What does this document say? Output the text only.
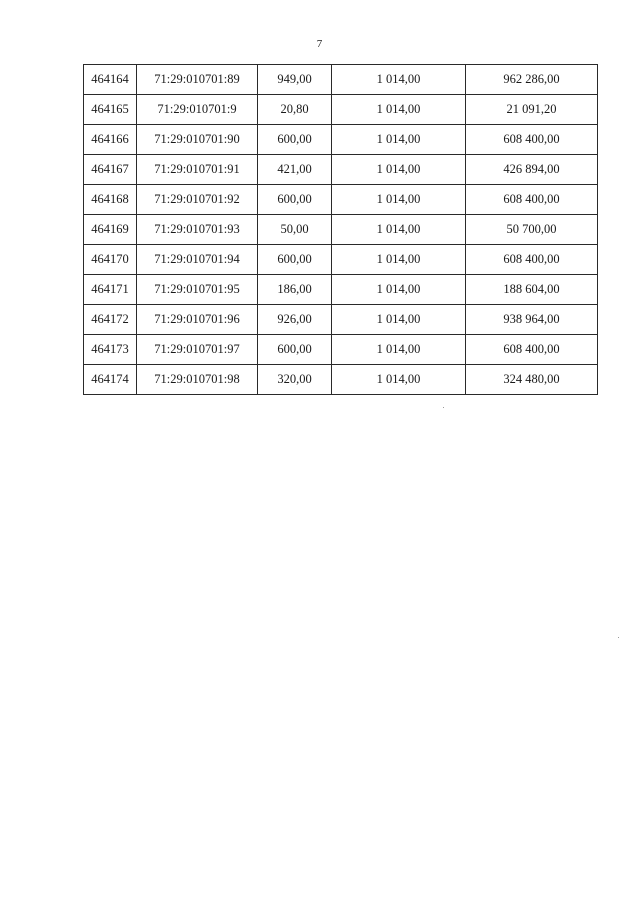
7
464164	71:29:010701:89	949,00	1 014,00	962 286,00
464165	71:29:010701:9	20,80	1 014,00	21 091,20
464166	71:29:010701:90	600,00	1 014,00	608 400,00
464167	71:29:010701:91	421,00	1 014,00	426 894,00
464168	71:29:010701:92	600,00	1 014,00	608 400,00
464169	71:29:010701:93	50,00	1 014,00	50 700,00
464170	71:29:010701:94	600,00	1 014,00	608 400,00
464171	71:29:010701:95	186,00	1 014,00	188 604,00
464172	71:29:010701:96	926,00	1 014,00	938 964,00
464173	71:29:010701:97	600,00	1 014,00	608 400,00
464174	71:29:010701:98	320,00	1 014,00	324 480,00
